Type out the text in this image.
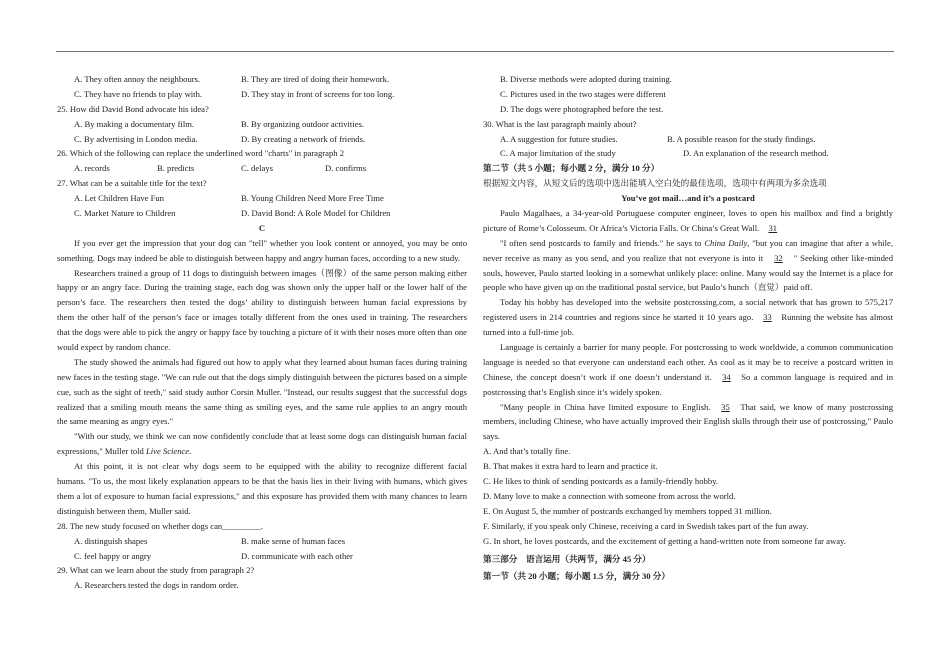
A. They often annoy the neighbours.	B. They are tired of doing their homework.
C. They have no friends to play with.	D. They stay in front of screens for too long.
25. How did David Bond advocate his idea?
A. By making a documentary film.	B. By organizing outdoor activities.
C. By advertising in London media.	D. By creating a network of friends.
26. Which of the following can replace the underlined word "charts" in paragraph 2
A. records	B. predicts	C. delays	D. confirms
27. What can be a suitable title for the text?
A. Let Children Have Fun	B. Young Children Need More Free Time
C. Market Nature to Children	D. David Bond: A Role Model for Children
C
If you ever get the impression that your dog can "tell" whether you look content or annoyed, you may be onto
something. Dogs may indeed be able to distinguish between happy and angry human faces, according to a new study.
Researchers trained a group of 11 dogs to distinguish between images（图像）of the same person making either
happy or an angry face. During the training stage, each dog was shown only the upper half or the lower half of the
person’s face. The researchers then tested the dogs’ ability to distinguish between human facial expressions by
them the other half of the person’s face or images totally different from the ones used in training. The researchers
that the dogs were able to pick the angry or happy face by touching a picture of it with their noses more often than one
would expect by random chance.
The study showed the animals had figured out how to apply what they learned about human faces during training
new faces in the testing stage. "We can rule out that the dogs simply distinguish between the pictures based on a simple
cue, such as the sight of teeth," said study author Corsin Muller. "Instead, our results suggest that the successful dogs
realized that a smiling mouth means the same thing as smiling eyes, and the same rule applies to an angry mouth
the same meaning as angry eyes."
"With our study, we think we can now confidently conclude that at least some dogs can distinguish human facial
expressions," Muller told Live Science.
At this point, it is not clear why dogs seem to be equipped with the ability to recognize different facial
humans. "To us, the most likely explanation appears to be that the basis lies in their living with humans, which gives
them a lot of exposure to human facial expressions," and this exposure has provided them with many chances to learn
distinguish between them, Muller said.
28. The new study focused on whether dogs can_________.
A. distinguish shapes	B. make sense of human faces
C. feel happy or angry	D. communicate with each other
29. What can we learn about the study from paragraph 2?
A. Researchers tested the dogs in random order.
B. Diverse methods were adopted during training.
C. Pictures used in the two stages were different
D. The dogs were photographed before the test.
30. What is the last paragraph mainly about?
A. A suggestion for future studies.	B. A possible reason for the study findings.
C. A major limitation of the study	D. An explanation of the research method.
第二节（共 5 小题；每小题 2 分，满分 10 分）
根据短文内容，从短文后的选项中选出能填入空白处的最佳选项，选项中有两项为多余选项
You’ve got mail…and it’s a postcard
Paulo Magalhaes, a 34-year-old Portuguese computer engineer, loves to open his mailbox and find a brightly
picture of Rome’s Colosseum. Or Africa’s Victoria Falls. Or China’s Great Wall. 31
"I often send postcards to family and friends." he says to China Daily, "but you can imagine that after a while,
never receive as many as you send, and you realize that not everyone is into it 32 " Seeking other like-minded
souls, however, Paulo started looking in a somewhat unlikely place: online. Many would say the Internet is a place for
people who have given up on the traditional postal service, but Paulo’s hunch（直觉）paid off.
Today his hobby has developed into the website postcrossing.com, a social network that has grown to 575,217
registered users in 214 countries and regions since he started it 10 years ago. 33 Running the website has almost
turned into a full-time job.
Language is certainly a barrier for many people. For postcrossing to work worldwide, a common communication
language is needed so that everyone can understand each other. As cool as it may be to receive a postcard written in
Chinese, the concept doesn’t work if one doesn’t understand it. 34 So a common language is required and in
postcrossing that’s English since it’s widely spoken.
"Many people in China have limited exposure to English. 35 That said, we know of many postcrossing
members, including Chinese, who have actually improved their English skills through their use of postcrossing," Paulo
says.
A. And that’s totally fine.
B. That makes it extra hard to learn and practice it.
C. He likes to think of sending postcards as a family-friendly hobby.
D. Many love to make a connection with someone from across the world.
E. On August 5, the number of postcards exchanged by members topped 31 million.
F. Similarly, if you speak only Chinese, receiving a card in Swedish takes part of the fun away.
G. In short, he loves postcards, and the excitement of getting a hand-written note from someone far away.
第三部分　语言运用（共两节，满分 45 分）
第一节（共 20 小题；每小题 1.5 分，满分 30 分）
